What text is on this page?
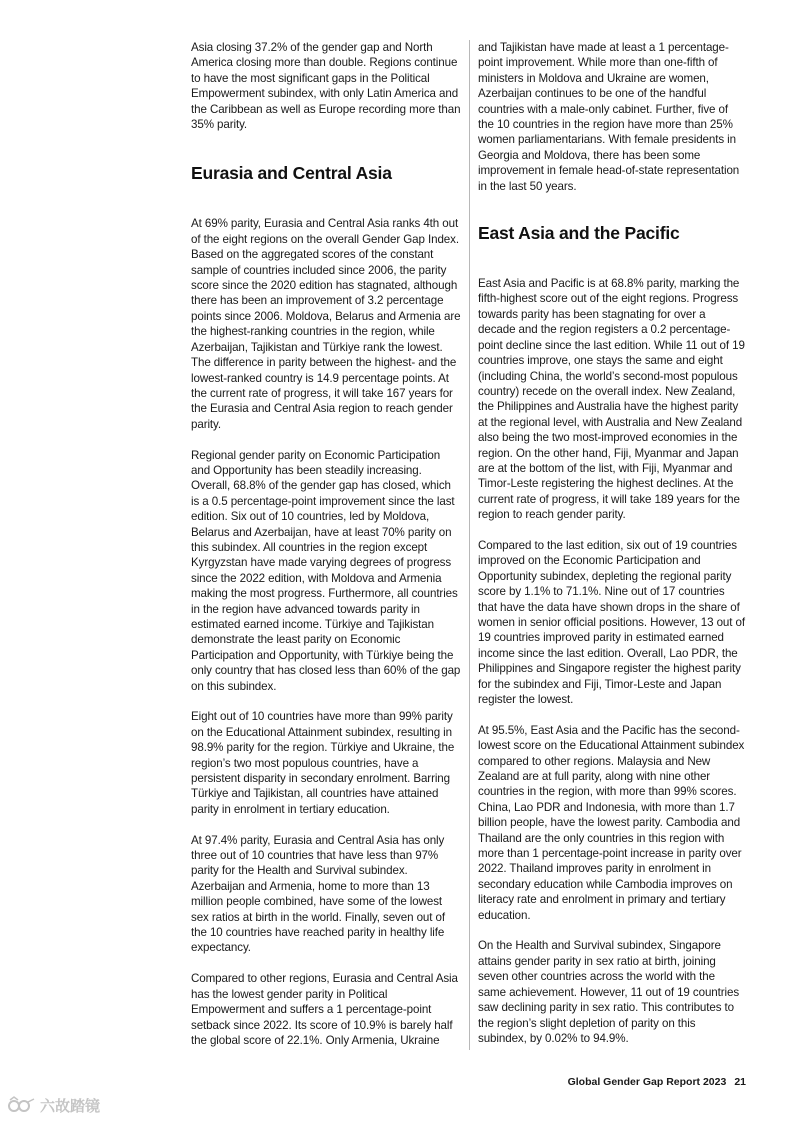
Asia closing 37.2% of the gender gap and North America closing more than double. Regions continue to have the most significant gaps in the Political Empowerment subindex, with only Latin America and the Caribbean as well as Europe recording more than 35% parity.

Eurasia and Central Asia

At 69% parity, Eurasia and Central Asia ranks 4th out of the eight regions on the overall Gender Gap Index. Based on the aggregated scores of the constant sample of countries included since 2006, the parity score since the 2020 edition has stagnated, although there has been an improvement of 3.2 percentage points since 2006. Moldova, Belarus and Armenia are the highest-ranking countries in the region, while Azerbaijan, Tajikistan and Türkiye rank the lowest. The difference in parity between the highest- and the lowest-ranked country is 14.9 percentage points. At the current rate of progress, it will take 167 years for the Eurasia and Central Asia region to reach gender parity.

Regional gender parity on Economic Participation and Opportunity has been steadily increasing. Overall, 68.8% of the gender gap has closed, which is a 0.5 percentage-point improvement since the last edition. Six out of 10 countries, led by Moldova, Belarus and Azerbaijan, have at least 70% parity on this subindex. All countries in the region except Kyrgyzstan have made varying degrees of progress since the 2022 edition, with Moldova and Armenia making the most progress. Furthermore, all countries in the region have advanced towards parity in estimated earned income. Türkiye and Tajikistan demonstrate the least parity on Economic Participation and Opportunity, with Türkiye being the only country that has closed less than 60% of the gap on this subindex.

Eight out of 10 countries have more than 99% parity on the Educational Attainment subindex, resulting in 98.9% parity for the region. Türkiye and Ukraine, the region’s two most populous countries, have a persistent disparity in secondary enrolment. Barring Türkiye and Tajikistan, all countries have attained parity in enrolment in tertiary education.

At 97.4% parity, Eurasia and Central Asia has only three out of 10 countries that have less than 97% parity for the Health and Survival subindex. Azerbaijan and Armenia, home to more than 13 million people combined, have some of the lowest sex ratios at birth in the world. Finally, seven out of the 10 countries have reached parity in healthy life expectancy.

Compared to other regions, Eurasia and Central Asia has the lowest gender parity in Political Empowerment and suffers a 1 percentage-point setback since 2022. Its score of 10.9% is barely half the global score of 22.1%. Only Armenia, Ukraine

and Tajikistan have made at least a 1 percentage-point improvement. While more than one-fifth of ministers in Moldova and Ukraine are women, Azerbaijan continues to be one of the handful countries with a male-only cabinet. Further, five of the 10 countries in the region have more than 25% women parliamentarians. With female presidents in Georgia and Moldova, there has been some improvement in female head-of-state representation in the last 50 years.

East Asia and the Pacific

East Asia and Pacific is at 68.8% parity, marking the fifth-highest score out of the eight regions. Progress towards parity has been stagnating for over a decade and the region registers a 0.2 percentage-point decline since the last edition. While 11 out of 19 countries improve, one stays the same and eight (including China, the world’s second-most populous country) recede on the overall index. New Zealand, the Philippines and Australia have the highest parity at the regional level, with Australia and New Zealand also being the two most-improved economies in the region. On the other hand, Fiji, Myanmar and Japan are at the bottom of the list, with Fiji, Myanmar and Timor-Leste registering the highest declines. At the current rate of progress, it will take 189 years for the region to reach gender parity.

Compared to the last edition, six out of 19 countries improved on the Economic Participation and Opportunity subindex, depleting the regional parity score by 1.1% to 71.1%. Nine out of 17 countries that have the data have shown drops in the share of women in senior official positions. However, 13 out of 19 countries improved parity in estimated earned income since the last edition. Overall, Lao PDR, the Philippines and Singapore register the highest parity for the subindex and Fiji, Timor-Leste and Japan register the lowest.

At 95.5%, East Asia and the Pacific has the second-lowest score on the Educational Attainment subindex compared to other regions. Malaysia and New Zealand are at full parity, along with nine other countries in the region, with more than 99% scores. China, Lao PDR and Indonesia, with more than 1.7 billion people, have the lowest parity. Cambodia and Thailand are the only countries in this region with more than 1 percentage-point increase in parity over 2022. Thailand improves parity in enrolment in secondary education while Cambodia improves on literacy rate and enrolment in primary and tertiary education.

On the Health and Survival subindex, Singapore attains gender parity in sex ratio at birth, joining seven other countries across the world with the same achievement. However, 11 out of 19 countries saw declining parity in sex ratio. This contributes to the region’s slight depletion of parity on this subindex, by 0.02% to 94.9%.

Global Gender Gap Report 2023 21
六故踏镜
